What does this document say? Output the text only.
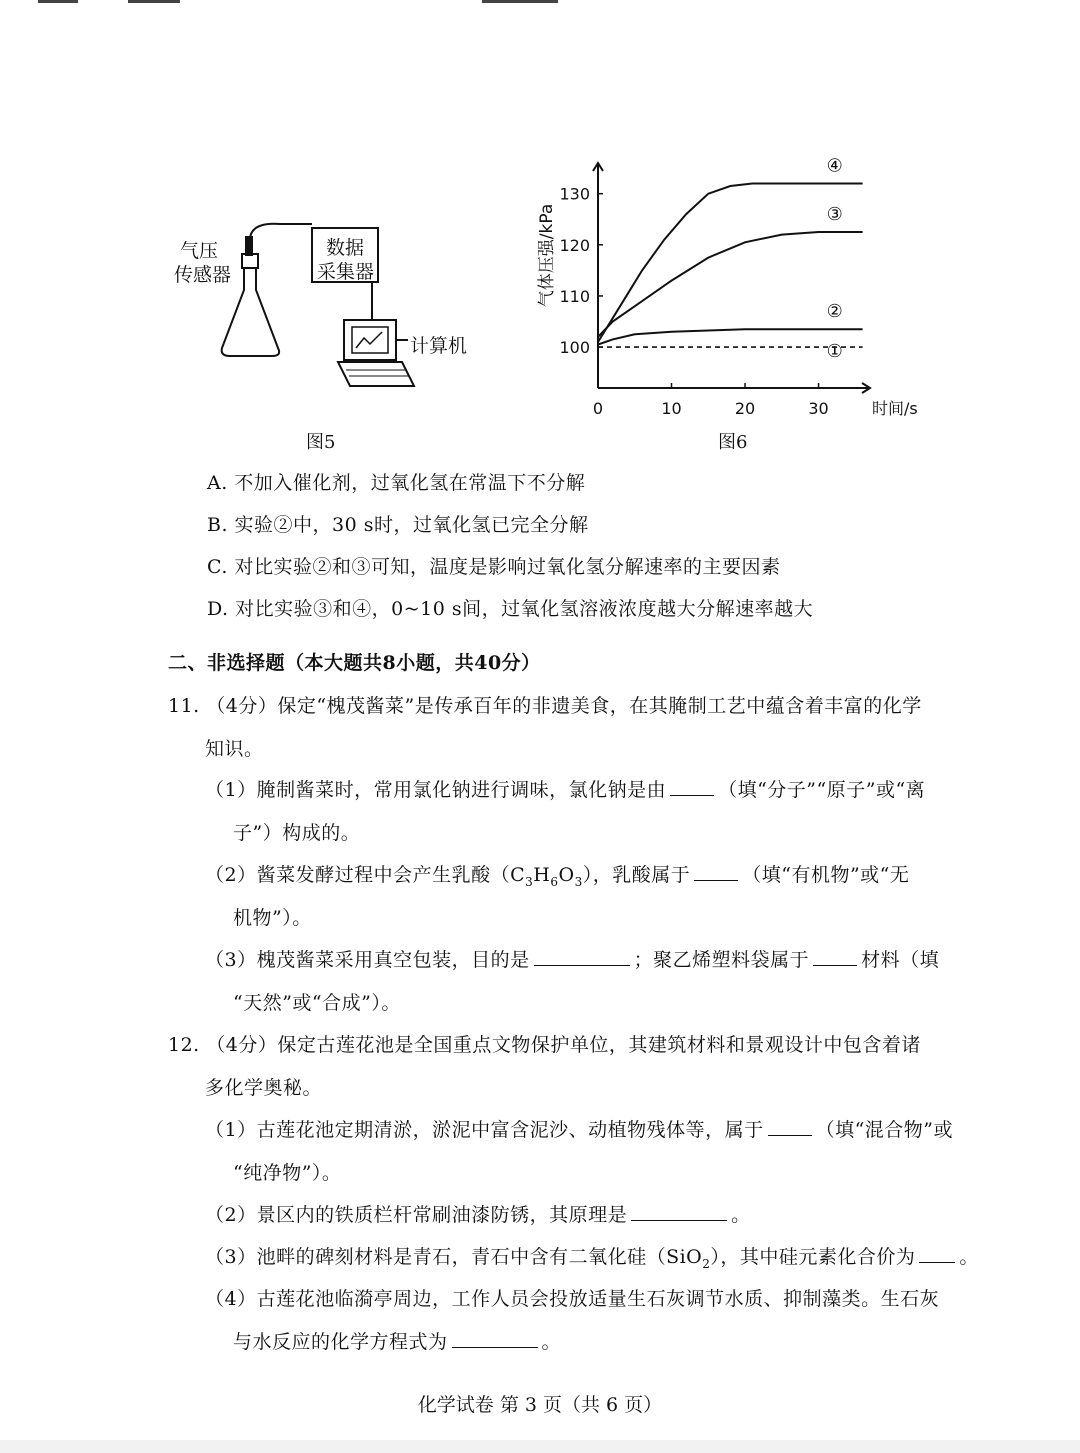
气压
传感器
数据
采集器
计算机
图5
100
110
120
130
0	10	20	30	时间/s
气体压强/kPa
④
③
②
①
图6
A. 不加入催化剂，过氧化氢在常温下不分解
B. 实验②中，30 s时，过氧化氢已完全分解
C. 对比实验②和③可知，温度是影响过氧化氢分解速率的主要因素
D. 对比实验③和④，0~10 s间，过氧化氢溶液浓度越大分解速率越大
二、非选择题（本大题共8小题，共40分）
11. （4分）保定“槐茂酱菜”是传承百年的非遗美食，在其腌制工艺中蕴含着丰富的化学
知识。
（1）腌制酱菜时，常用氯化钠进行调味，氯化钠是由	（填“分子”“原子”或“离
子”）构成的。
（2）酱菜发酵过程中会产生乳酸$(C_3H_6O_3)$，乳酸属于	（填“有机物”或“无
机物”）。
（3）槐茂酱菜采用真空包装，目的是	；聚乙烯塑料袋属于	材料（填
“天然”或“合成”）。
12. （4分）保定古莲花池是全国重点文物保护单位，其建筑材料和景观设计中包含着诸
多化学奥秘。
（1）古莲花池定期清淤，淤泥中富含泥沙、动植物残体等，属于	（填“混合物”或
“纯净物”）。
（2）景区内的铁质栏杆常刷油漆防锈，其原理是	。
（3）池畔的碑刻材料是青石，青石中含有二氧化硅（SiO$_2$），其中硅元素化合价为 。
（4）古莲花池临漪亭周边，工作人员会投放适量生石灰调节水质、抑制藻类。生石灰
与水反应的化学方程式为	。
化学试卷 第 3 页（共 6 页）
